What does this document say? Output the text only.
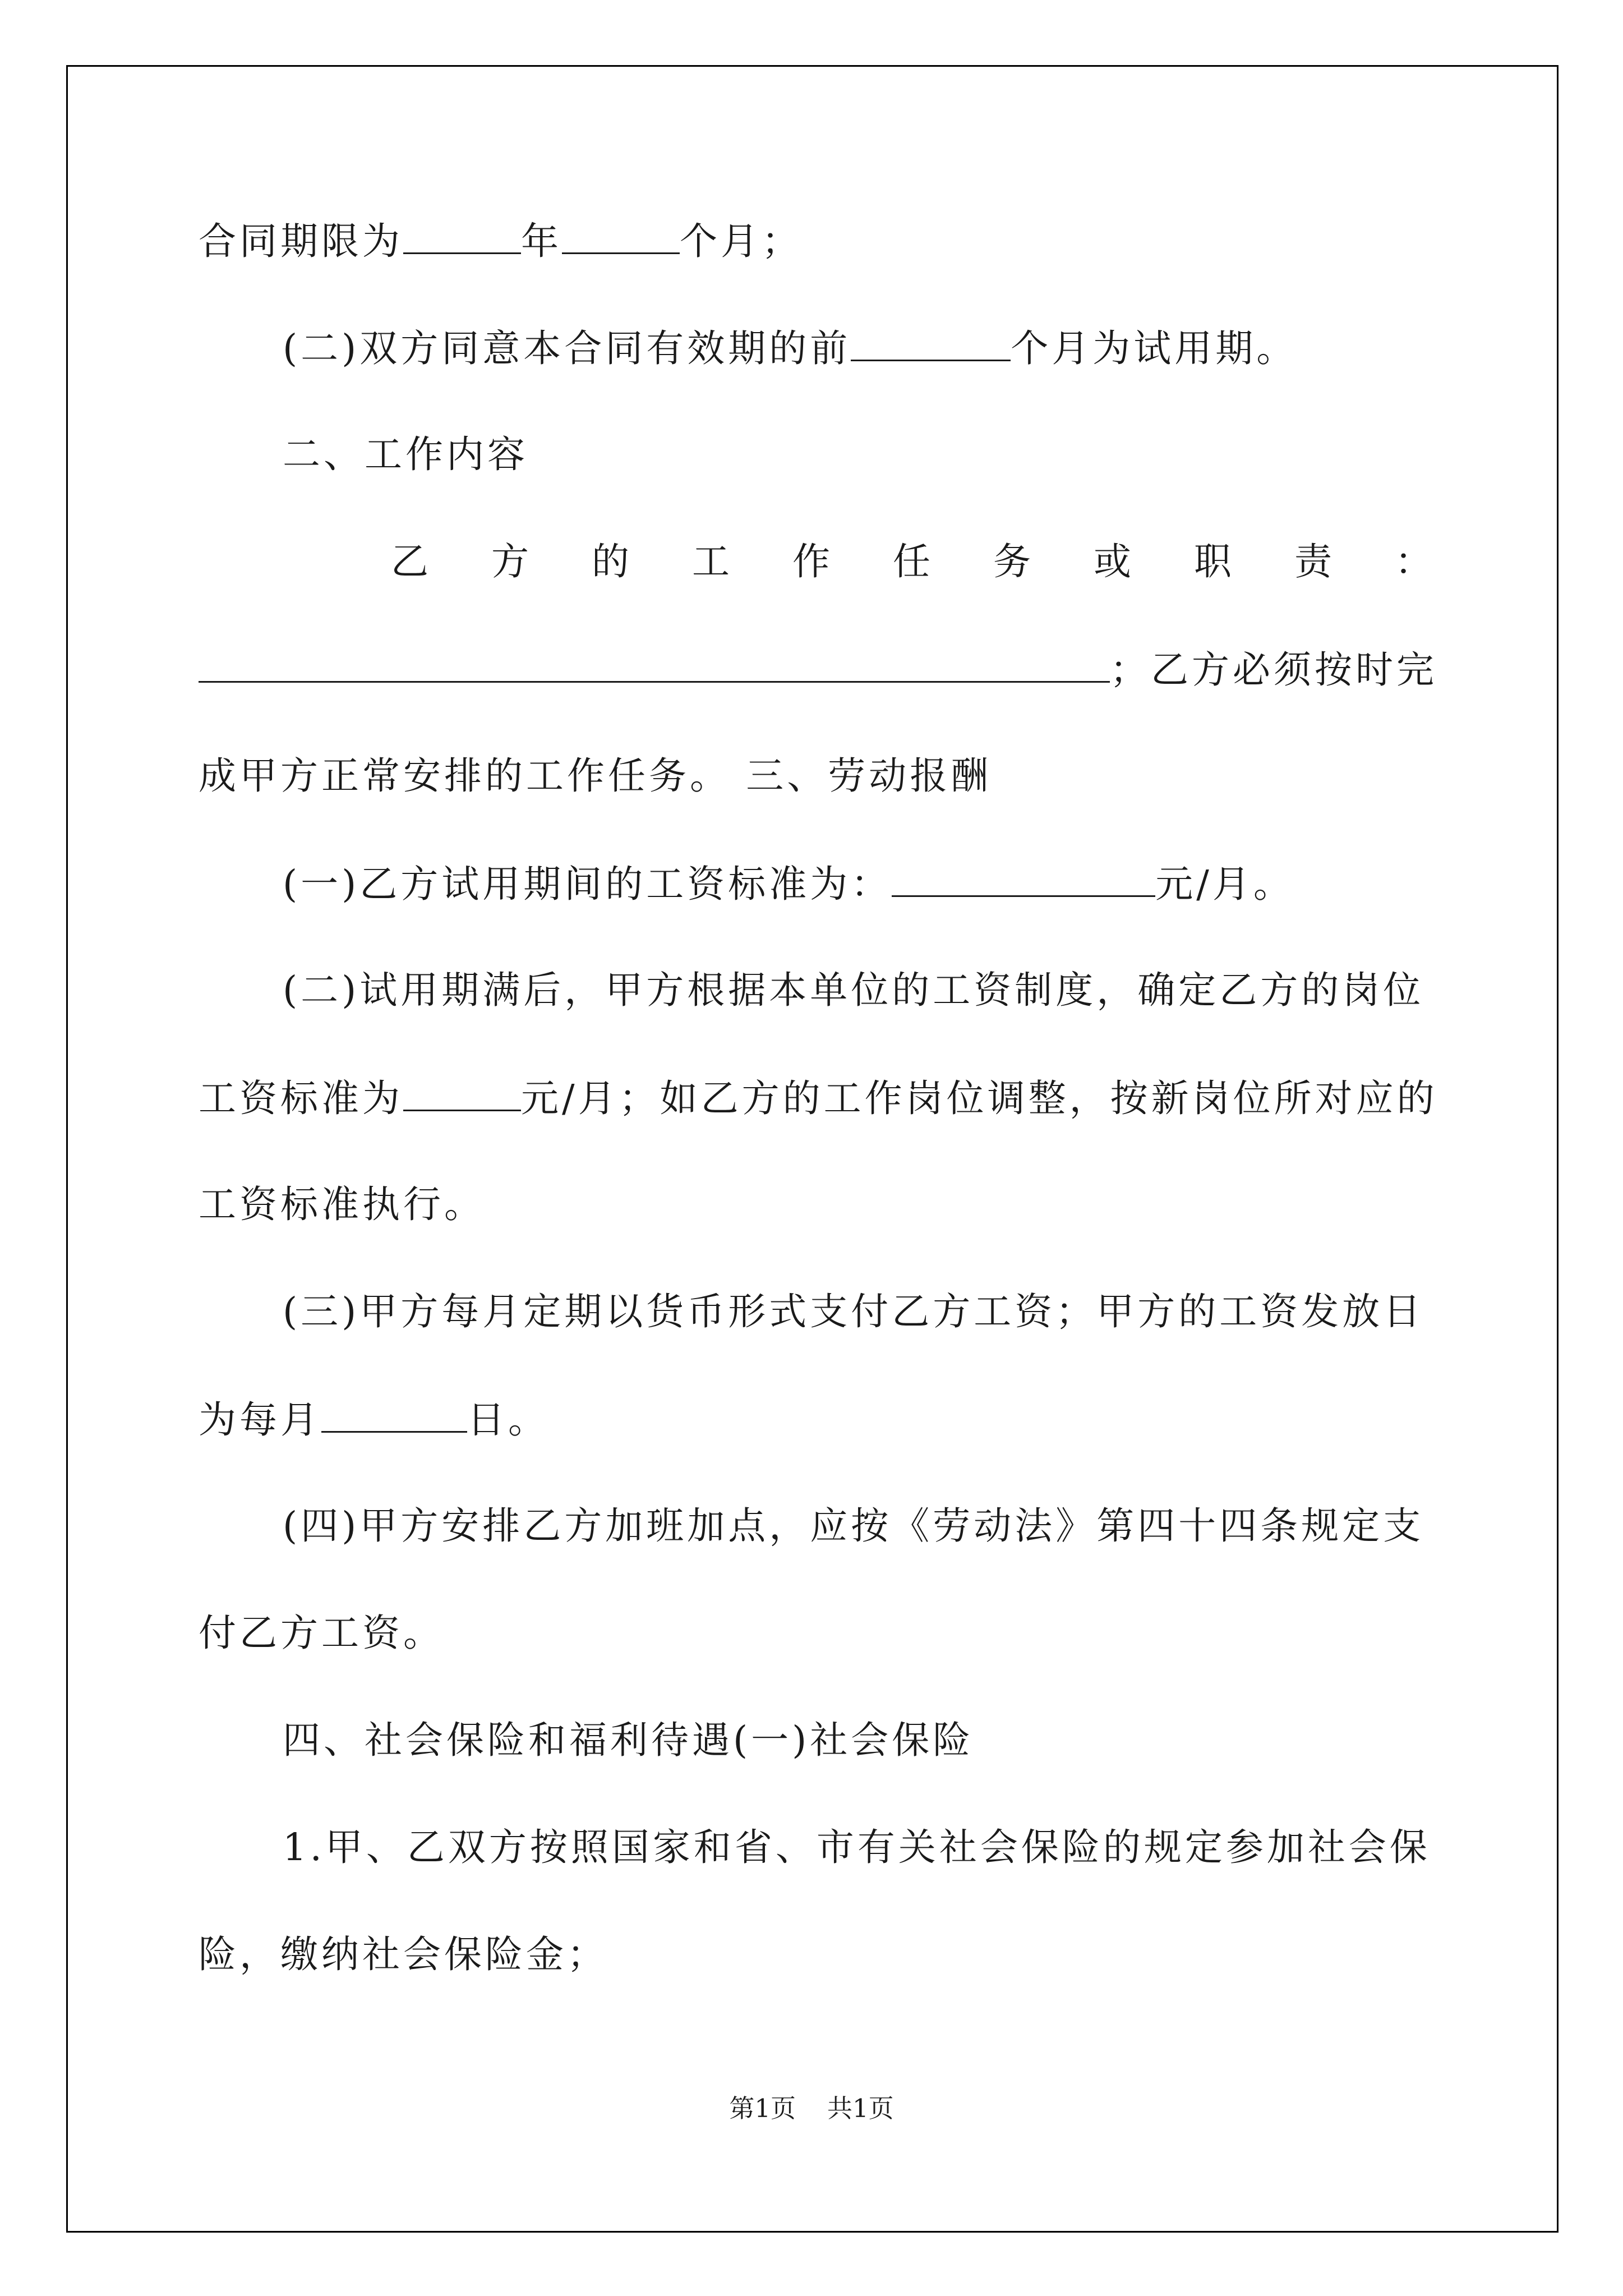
合同期限为	年	个月；
(二)双方同意本合同有效期的前	个月为试用期。
二、工作内容
乙 方 的 工 作 任 务 或 职 责 ：
；乙方必须按时完
成甲方正常安排的工作任务。 三、劳动报酬
(一)乙方试用期间的工资标准为：	元/月。
(二)试用期满后，甲方根据本单位的工资制度，确定乙方的岗位
工资标准为	元/月；如乙方的工作岗位调整，按新岗位所对应的
工资标准执行。
(三)甲方每月定期以货币形式支付乙方工资；甲方的工资发放日
为每月	日。
(四)甲方安排乙方加班加点，应按《劳动法》第四十四条规定支
付乙方工资。
四、社会保险和福利待遇(一)社会保险
1.甲、乙双方按照国家和省、市有关社会保险的规定参加社会保
险，缴纳社会保险金；
第1页 共1页
